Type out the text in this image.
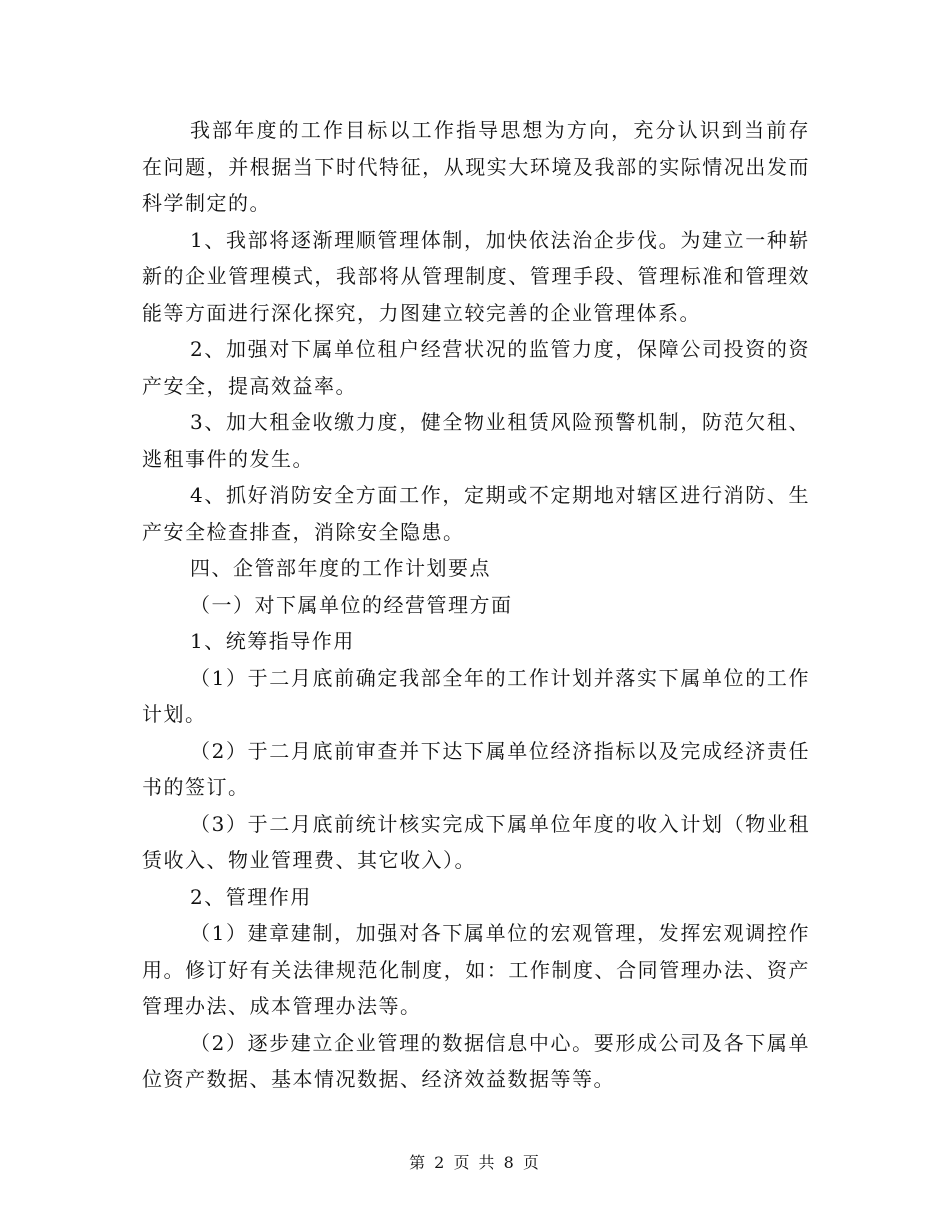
我部年度的工作目标以工作指导思想为方向，充分认识到当前存在问题，并根据当下时代特征，从现实大环境及我部的实际情况出发而科学制定的。

1、我部将逐渐理顺管理体制，加快依法治企步伐。为建立一种崭新的企业管理模式，我部将从管理制度、管理手段、管理标准和管理效能等方面进行深化探究，力图建立较完善的企业管理体系。

2、加强对下属单位租户经营状况的监管力度，保障公司投资的资产安全，提高效益率。

3、加大租金收缴力度，健全物业租赁风险预警机制，防范欠租、逃租事件的发生。

4、抓好消防安全方面工作，定期或不定期地对辖区进行消防、生产安全检查排查，消除安全隐患。

四、企管部年度的工作计划要点

（一）对下属单位的经营管理方面

1、统筹指导作用

（1）于二月底前确定我部全年的工作计划并落实下属单位的工作计划。

（2）于二月底前审查并下达下属单位经济指标以及完成经济责任书的签订。

（3）于二月底前统计核实完成下属单位年度的收入计划（物业租赁收入、物业管理费、其它收入）。

2、管理作用

（1）建章建制，加强对各下属单位的宏观管理，发挥宏观调控作用。修订好有关法律规范化制度，如：工作制度、合同管理办法、资产管理办法、成本管理办法等。

（2）逐步建立企业管理的数据信息中心。要形成公司及各下属单位资产数据、基本情况数据、经济效益数据等等。

第 2 页 共 8 页
